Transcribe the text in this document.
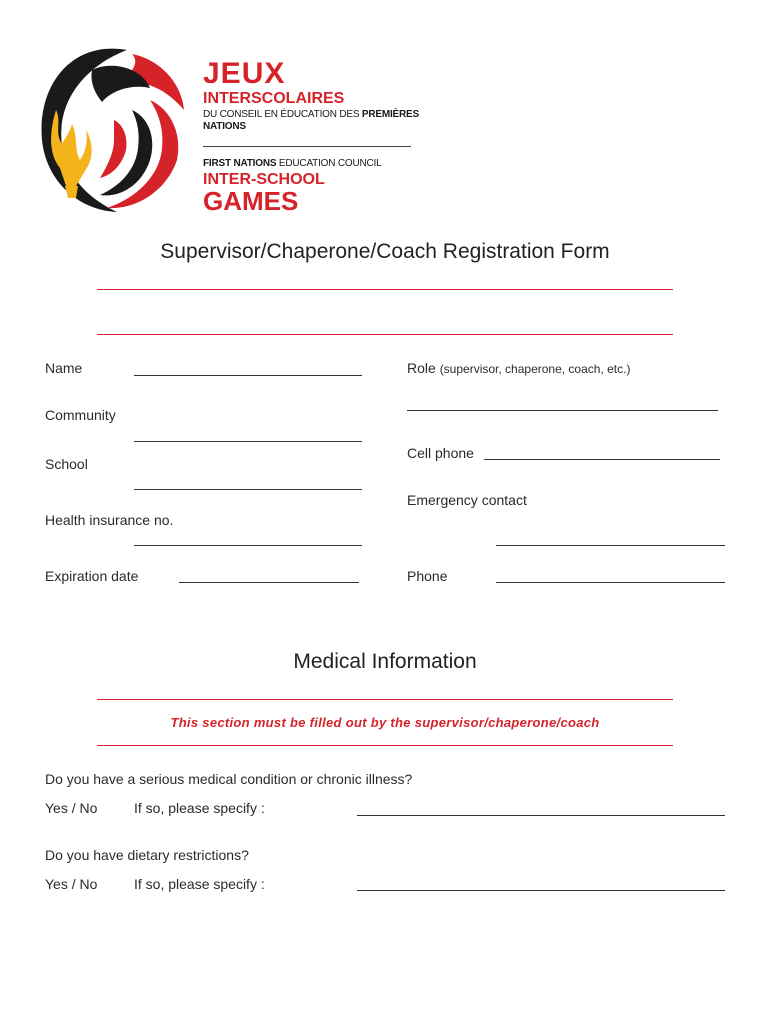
JEUX
INTERSCOLAIRES
DU CONSEIL EN ÉDUCATION DES PREMIÈRES NATIONS
FIRST NATIONS EDUCATION COUNCIL
INTER-SCHOOL
GAMES
Supervisor/Chaperone/Coach Registration Form
Name
Community
School
Health insurance no.
Expiration date
Role (supervisor, chaperone, coach, etc.)
Cell phone
Emergency contact
Phone
Medical Information
This section must be filled out by the supervisor/chaperone/coach
Do you have a serious medical condition or chronic illness?
Yes / No	If so, please specify :
Do you have dietary restrictions?
Yes / No	If so, please specify :
